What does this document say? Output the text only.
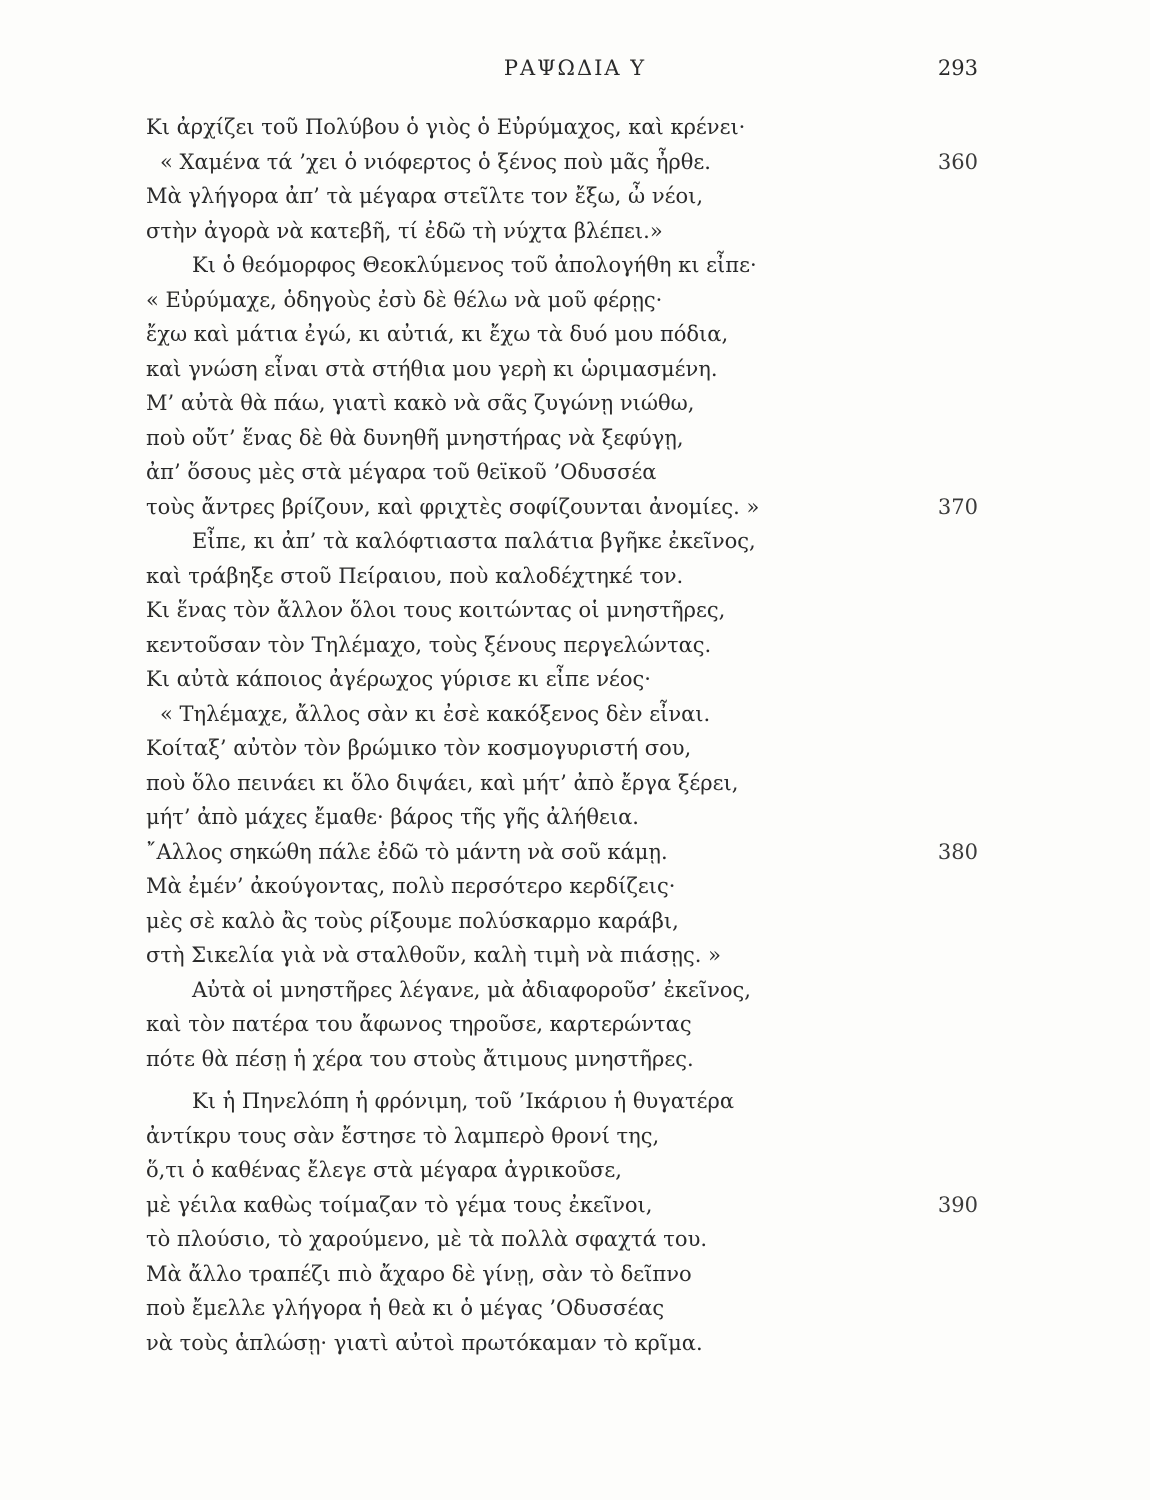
ΡΑΨΩΔΙΑ Υ	293
Κι ἀρχίζει τοῦ Πολύβου ὁ γιὸς ὁ Εὐρύμαχος, καὶ κρένει·
« Χαμένα τά ’χει ὁ νιόφερτος ὁ ξένος ποὺ μᾶς ἦρθε.	360
Μὰ γλήγορα ἀπ’ τὰ μέγαρα στεῖλτε τον ἔξω, ὦ νέοι,
στὴν ἀγορὰ νὰ κατεβῆ, τί ἐδῶ τὴ νύχτα βλέπει.»
Κι ὁ θεόμορφος Θεοκλύμενος τοῦ ἀπολογήθη κι εἶπε·
« Εὐρύμαχε, ὁδηγοὺς ἐσὺ δὲ θέλω νὰ μοῦ φέρῃς·
ἔχω καὶ μάτια ἐγώ, κι αὐτιά, κι ἔχω τὰ δυό μου πόδια,
καὶ γνώση εἶναι στὰ στήθια μου γερὴ κι ὡριμασμένη.
Μ’ αὐτὰ θὰ πάω, γιατὶ κακὸ νὰ σᾶς ζυγώνῃ νιώθω,
ποὺ οὔτ’ ἕνας δὲ θὰ δυνηθῆ μνηστήρας νὰ ξεφύγῃ,
ἀπ’ ὅσους μὲς στὰ μέγαρα τοῦ θεϊκοῦ ’Οδυσσέα
τοὺς ἄντρες βρίζουν, καὶ φριχτὲς σοφίζουνται ἀνομίες. »	370
Εἶπε, κι ἀπ’ τὰ καλόφτιαστα παλάτια βγῆκε ἐκεῖνος,
καὶ τράβηξε στοῦ Πείραιου, ποὺ καλοδέχτηκέ τον.
Κι ἕνας τὸν ἄλλον ὅλοι τους κοιτώντας οἱ μνηστῆρες,
κεντοῦσαν τὸν Τηλέμαχο, τοὺς ξένους περγελώντας.
Κι αὐτὰ κάποιος ἀγέρωχος γύρισε κι εἶπε νέος·
« Τηλέμαχε, ἄλλος σὰν κι ἐσὲ κακόξενος δὲν εἶναι.
Κοίταξ’ αὐτὸν τὸν βρώμικο τὸν κοσμογυριστή σου,
ποὺ ὅλο πεινάει κι ὅλο διψάει, καὶ μήτ’ ἀπὸ ἔργα ξέρει,
μήτ’ ἀπὸ μάχες ἔμαθε· βάρος τῆς γῆς ἀλήθεια.
῎Αλλος σηκώθη πάλε ἐδῶ τὸ μάντη νὰ σοῦ κάμῃ.	380
Μὰ ἐμέν’ ἀκούγοντας, πολὺ περσότερο κερδίζεις·
μὲς σὲ καλὸ ἂς τοὺς ρίξουμε πολύσκαρμο καράβι,
στὴ Σικελία γιὰ νὰ σταλθοῦν, καλὴ τιμὴ νὰ πιάσῃς. »
Αὐτὰ οἱ μνηστῆρες λέγανε, μὰ ἀδιαφοροῦσ’ ἐκεῖνος,
καὶ τὸν πατέρα του ἄφωνος τηροῦσε, καρτερώντας
πότε θὰ πέσῃ ἡ χέρα του στοὺς ἄτιμους μνηστῆρες.
Κι ἡ Πηνελόπη ἡ φρόνιμη, τοῦ ’Ικάριου ἡ θυγατέρα
ἀντίκρυ τους σὰν ἔστησε τὸ λαμπερὸ θρονί της,
ὅ,τι ὁ καθένας ἔλεγε στὰ μέγαρα ἀγρικοῦσε,
μὲ γέιλα καθὼς τοίμαζαν τὸ γέμα τους ἐκεῖνοι,	390
τὸ πλούσιο, τὸ χαρούμενο, μὲ τὰ πολλὰ σφαχτά του.
Μὰ ἄλλο τραπέζι πιὸ ἄχαρο δὲ γίνῃ, σὰν τὸ δεῖπνο
ποὺ ἔμελλε γλήγορα ἡ θεὰ κι ὁ μέγας ’Οδυσσέας
νὰ τοὺς ἁπλώσῃ· γιατὶ αὐτοὶ πρωτόκαμαν τὸ κρῖμα.
